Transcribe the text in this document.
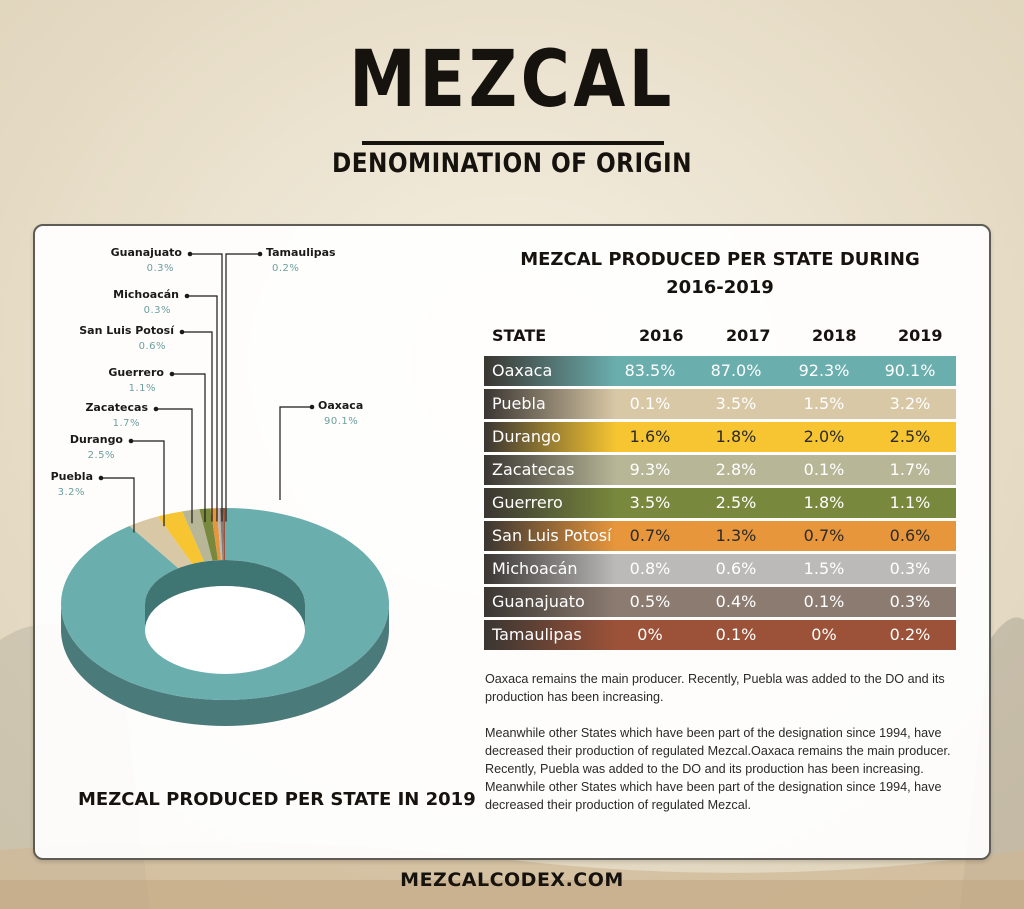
MEZCAL
DENOMINATION OF ORIGIN
Tamaulipas
0.2%
Guanajuato
0.3%
Michoacán
0.3%
San Luis Potosí
0.6%
Guerrero
1.1%
Zacatecas
1.7%
Durango
2.5%
Puebla
3.2%
Oaxaca
90.1%
MEZCAL PRODUCED PER STATE IN 2019
MEZCAL PRODUCED PER STATE DURING
2016-2019
STATE	2016	2017	2018	2019
Oaxaca	83.5%	87.0%	92.3%	90.1%
Puebla	0.1%	3.5%	1.5%	3.2%
Durango	1.6%	1.8%	2.0%	2.5%
Zacatecas	9.3%	2.8%	0.1%	1.7%
Guerrero	3.5%	2.5%	1.8%	1.1%
San Luis Potosí	0.7%	1.3%	0.7%	0.6%
Michoacán	0.8%	0.6%	1.5%	0.3%
Guanajuato	0.5%	0.4%	0.1%	0.3%
Tamaulipas	0%	0.1%	0%	0.2%
Oaxaca remains the main producer. Recently, Puebla was added to the DO and its production has been increasing.
Meanwhile other States which have been part of the designation since 1994, have decreased their production of regulated Mezcal.Oaxaca remains the main producer. Recently, Puebla was added to the DO and its production has been increasing. Meanwhile other States which have been part of the designation since 1994, have decreased their production of regulated Mezcal.
MEZCALCODEX.COM
